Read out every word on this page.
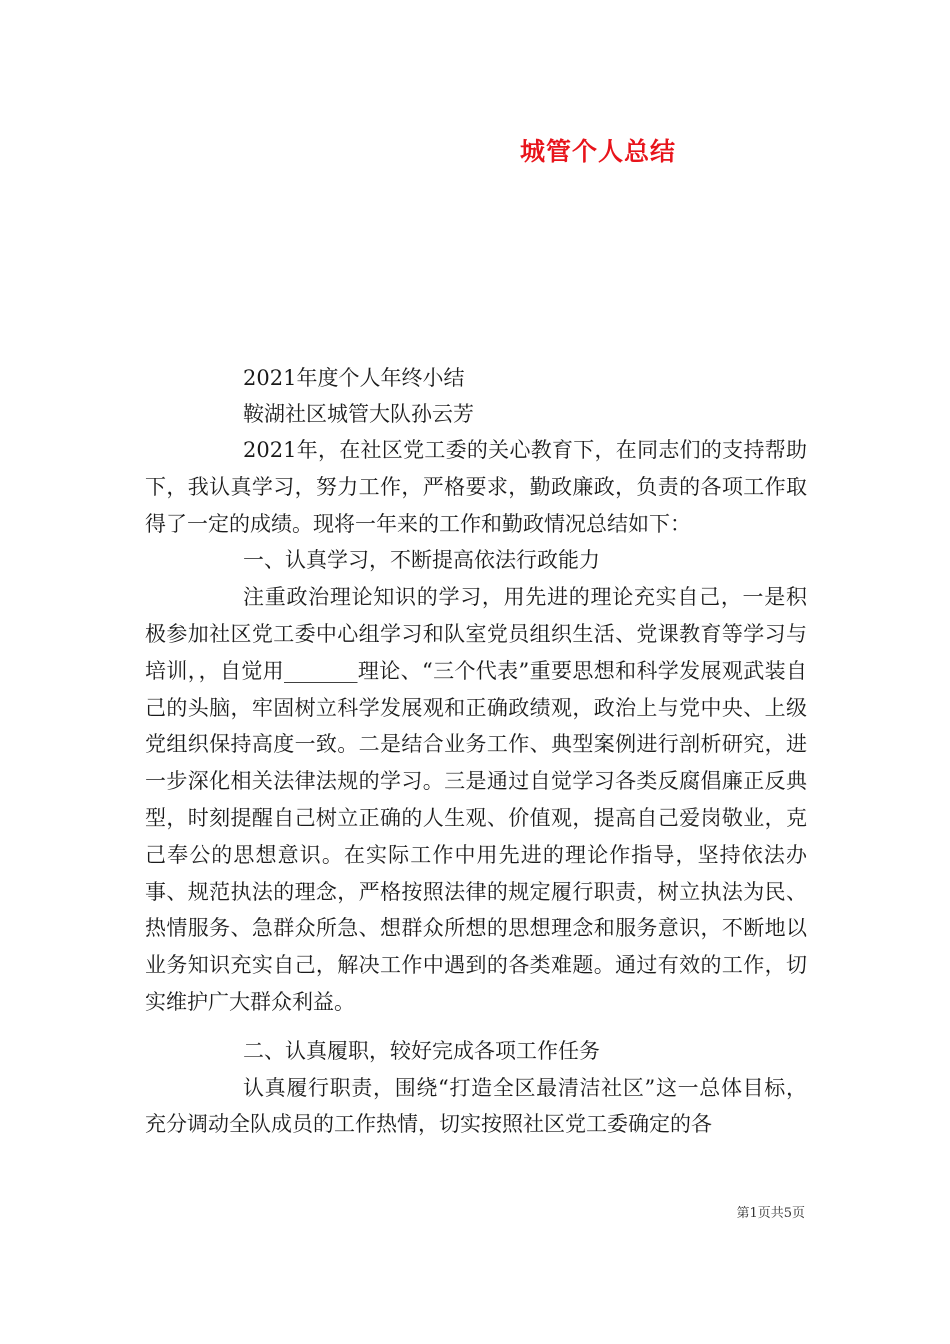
城管个人总结

2021年度个人年终小结

鞍湖社区城管大队孙云芳

2021年，在社区党工委的关心教育下，在同志们的支持帮助下，我认真学习，努力工作，严格要求，勤政廉政，负责的各项工作取得了一定的成绩。现将一年来的工作和勤政情况总结如下：

一、认真学习，不断提高依法行政能力

注重政治理论知识的学习，用先进的理论充实自己，一是积极参加社区党工委中心组学习和队室党员组织生活、党课教育等学习与培训，，自觉用_______理论、“三个代表”重要思想和科学发展观武装自己的头脑，牢固树立科学发展观和正确政绩观，政治上与党中央、上级党组织保持高度一致。二是结合业务工作、典型案例进行剖析研究，进一步深化相关法律法规的学习。三是通过自觉学习各类反腐倡廉正反典型，时刻提醒自己树立正确的人生观、价值观，提高自己爱岗敬业，克己奉公的思想意识。在实际工作中用先进的理论作指导，坚持依法办事、规范执法的理念，严格按照法律的规定履行职责，树立执法为民、热情服务、急群众所急、想群众所想的思想理念和服务意识，不断地以业务知识充实自己，解决工作中遇到的各类难题。通过有效的工作，切实维护广大群众利益。

二、认真履职，较好完成各项工作任务

认真履行职责，围绕“打造全区最清洁社区”这一总体目标，充分调动全队成员的工作热情，切实按照社区党工委确定的各

第1页共5页
